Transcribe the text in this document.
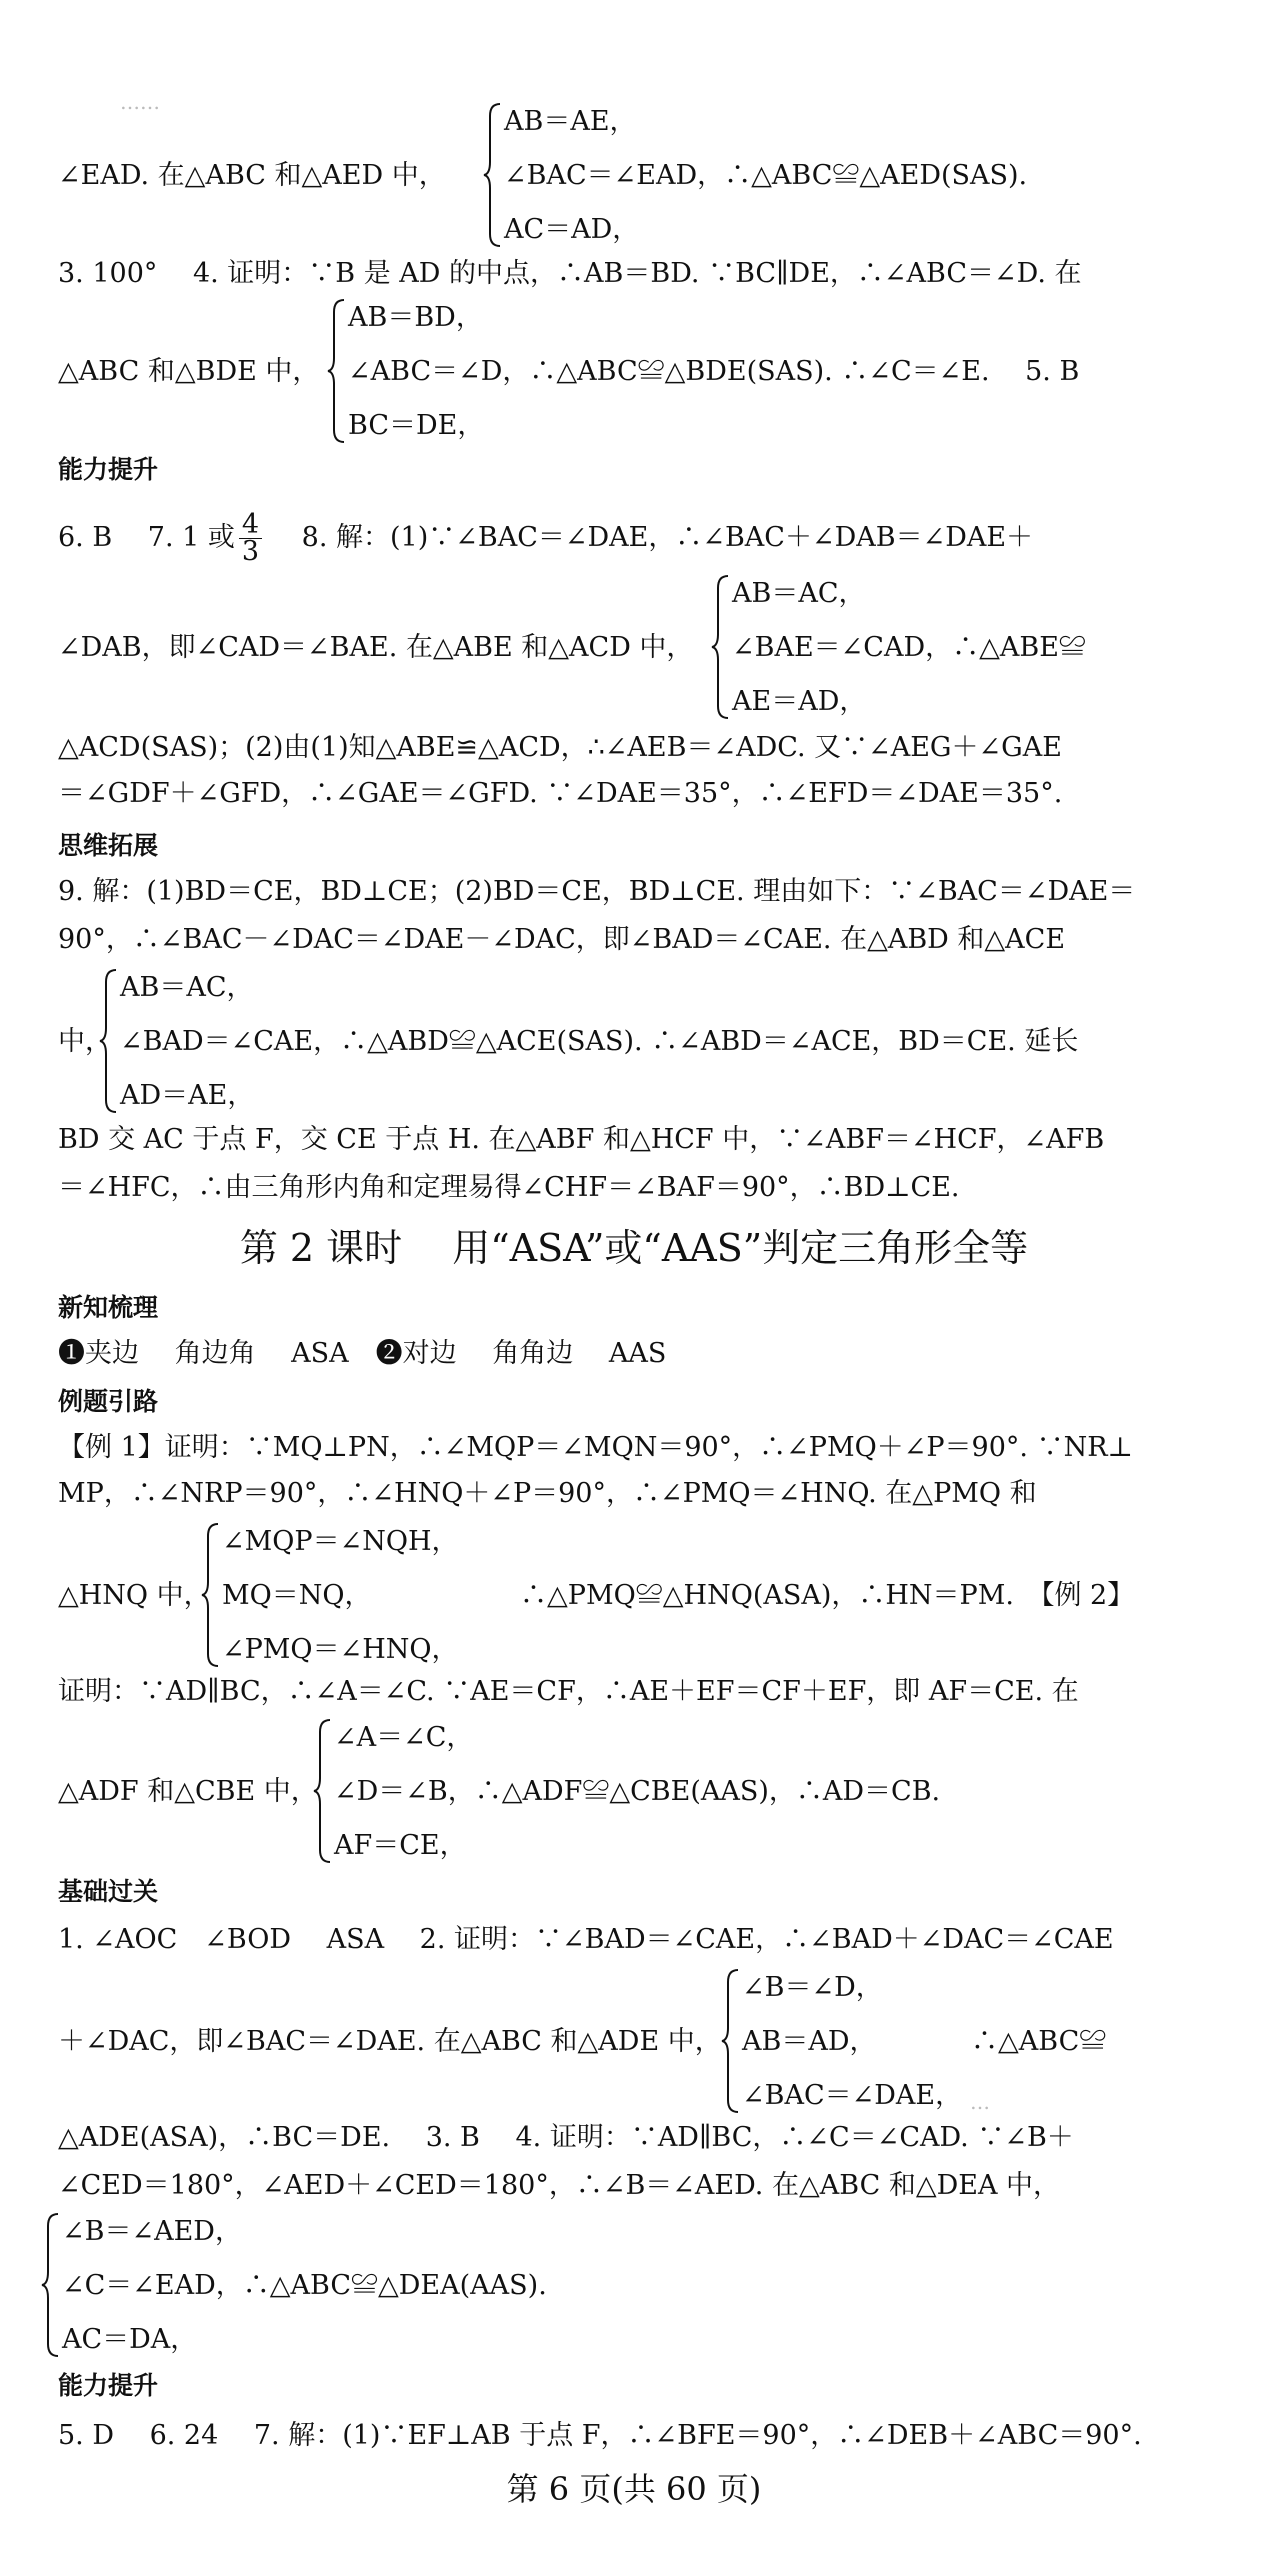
……
…
∠EAD. 在△ABC 和△AED 中，
AB＝AE，
∠BAC＝∠EAD，∴△ABC≌△AED(SAS).
AC＝AD，
3. 100°　 4. 证明：∵B 是 AD 的中点，∴AB＝BD. ∵BC∥DE，∴∠ABC＝∠D. 在
△ABC 和△BDE 中，
AB＝BD，
∠ABC＝∠D，∴△ABC≌△BDE(SAS). ∴∠C＝∠E.　 5. B
BC＝DE，
能力提升
6. B　 7. 1 或 $\frac{4}{3}$ 　 8. 解：(1)∵∠BAC＝∠DAE，∴∠BAC＋∠DAB＝∠DAE＋
∠DAB，即∠CAD＝∠BAE. 在△ABE 和△ACD 中，
AB＝AC，
∠BAE＝∠CAD，∴△ABE≌
AE＝AD，
△ACD(SAS)；(2)由(1)知△ABE≌△ACD，∴∠AEB＝∠ADC. 又∵∠AEG＋∠GAE
＝∠GDF＋∠GFD，∴∠GAE＝∠GFD. ∵∠DAE＝35°，∴∠EFD＝∠DAE＝35°.
思维拓展
9. 解：(1)BD＝CE，BD⊥CE；(2)BD＝CE，BD⊥CE. 理由如下：∵∠BAC＝∠DAE＝
90°，∴∠BAC－∠DAC＝∠DAE－∠DAC，即∠BAD＝∠CAE. 在△ABD 和△ACE
中，
AB＝AC，
∠BAD＝∠CAE，∴△ABD≌△ACE(SAS). ∴∠ABD＝∠ACE，BD＝CE. 延长
AD＝AE，
BD 交 AC 于点 F，交 CE 于点 H. 在△ABF 和△HCF 中，∵∠ABF＝∠HCF，∠AFB
＝∠HFC，∴由三角形内角和定理易得∠CHF＝∠BAF＝90°，∴BD⊥CE.
第 2 课时　 用“ASA”或“AAS”判定三角形全等
新知梳理
❶夹边　 角边角　 ASA　❷对边　 角角边　 AAS
例题引路
【例 1】证明：∵MQ⊥PN，∴∠MQP＝∠MQN＝90°，∴∠PMQ＋∠P＝90°. ∵NR⊥
MP，∴∠NRP＝90°，∴∠HNQ＋∠P＝90°，∴∠PMQ＝∠HNQ. 在△PMQ 和
△HNQ 中，
∠MQP＝∠NQH，
MQ＝NQ，　　　　　　∴△PMQ≌△HNQ(ASA)，∴HN＝PM.　【例 2】
∠PMQ＝∠HNQ，
证明：∵AD∥BC，∴∠A＝∠C. ∵AE＝CF，∴AE＋EF＝CF＋EF，即 AF＝CE. 在
△ADF 和△CBE 中，
∠A＝∠C，
∠D＝∠B，∴△ADF≌△CBE(AAS)，∴AD＝CB.
AF＝CE，
基础过关
1. ∠AOC　∠BOD　 ASA　 2. 证明：∵∠BAD＝∠CAE，∴∠BAD＋∠DAC＝∠CAE
＋∠DAC，即∠BAC＝∠DAE. 在△ABC 和△ADE 中，
∠B＝∠D，
AB＝AD，　　　　∴△ABC≌
∠BAC＝∠DAE，
△ADE(ASA)，∴BC＝DE.　 3. B　 4. 证明：∵AD∥BC，∴∠C＝∠CAD. ∵∠B＋
∠CED＝180°，∠AED＋∠CED＝180°，∴∠B＝∠AED. 在△ABC 和△DEA 中，
∠B＝∠AED，
∠C＝∠EAD，∴△ABC≌△DEA(AAS).
AC＝DA，
能力提升
5. D　 6. 24　 7. 解：(1)∵EF⊥AB 于点 F，∴∠BFE＝90°，∴∠DEB＋∠ABC＝90°.
第 6 页(共 60 页)
